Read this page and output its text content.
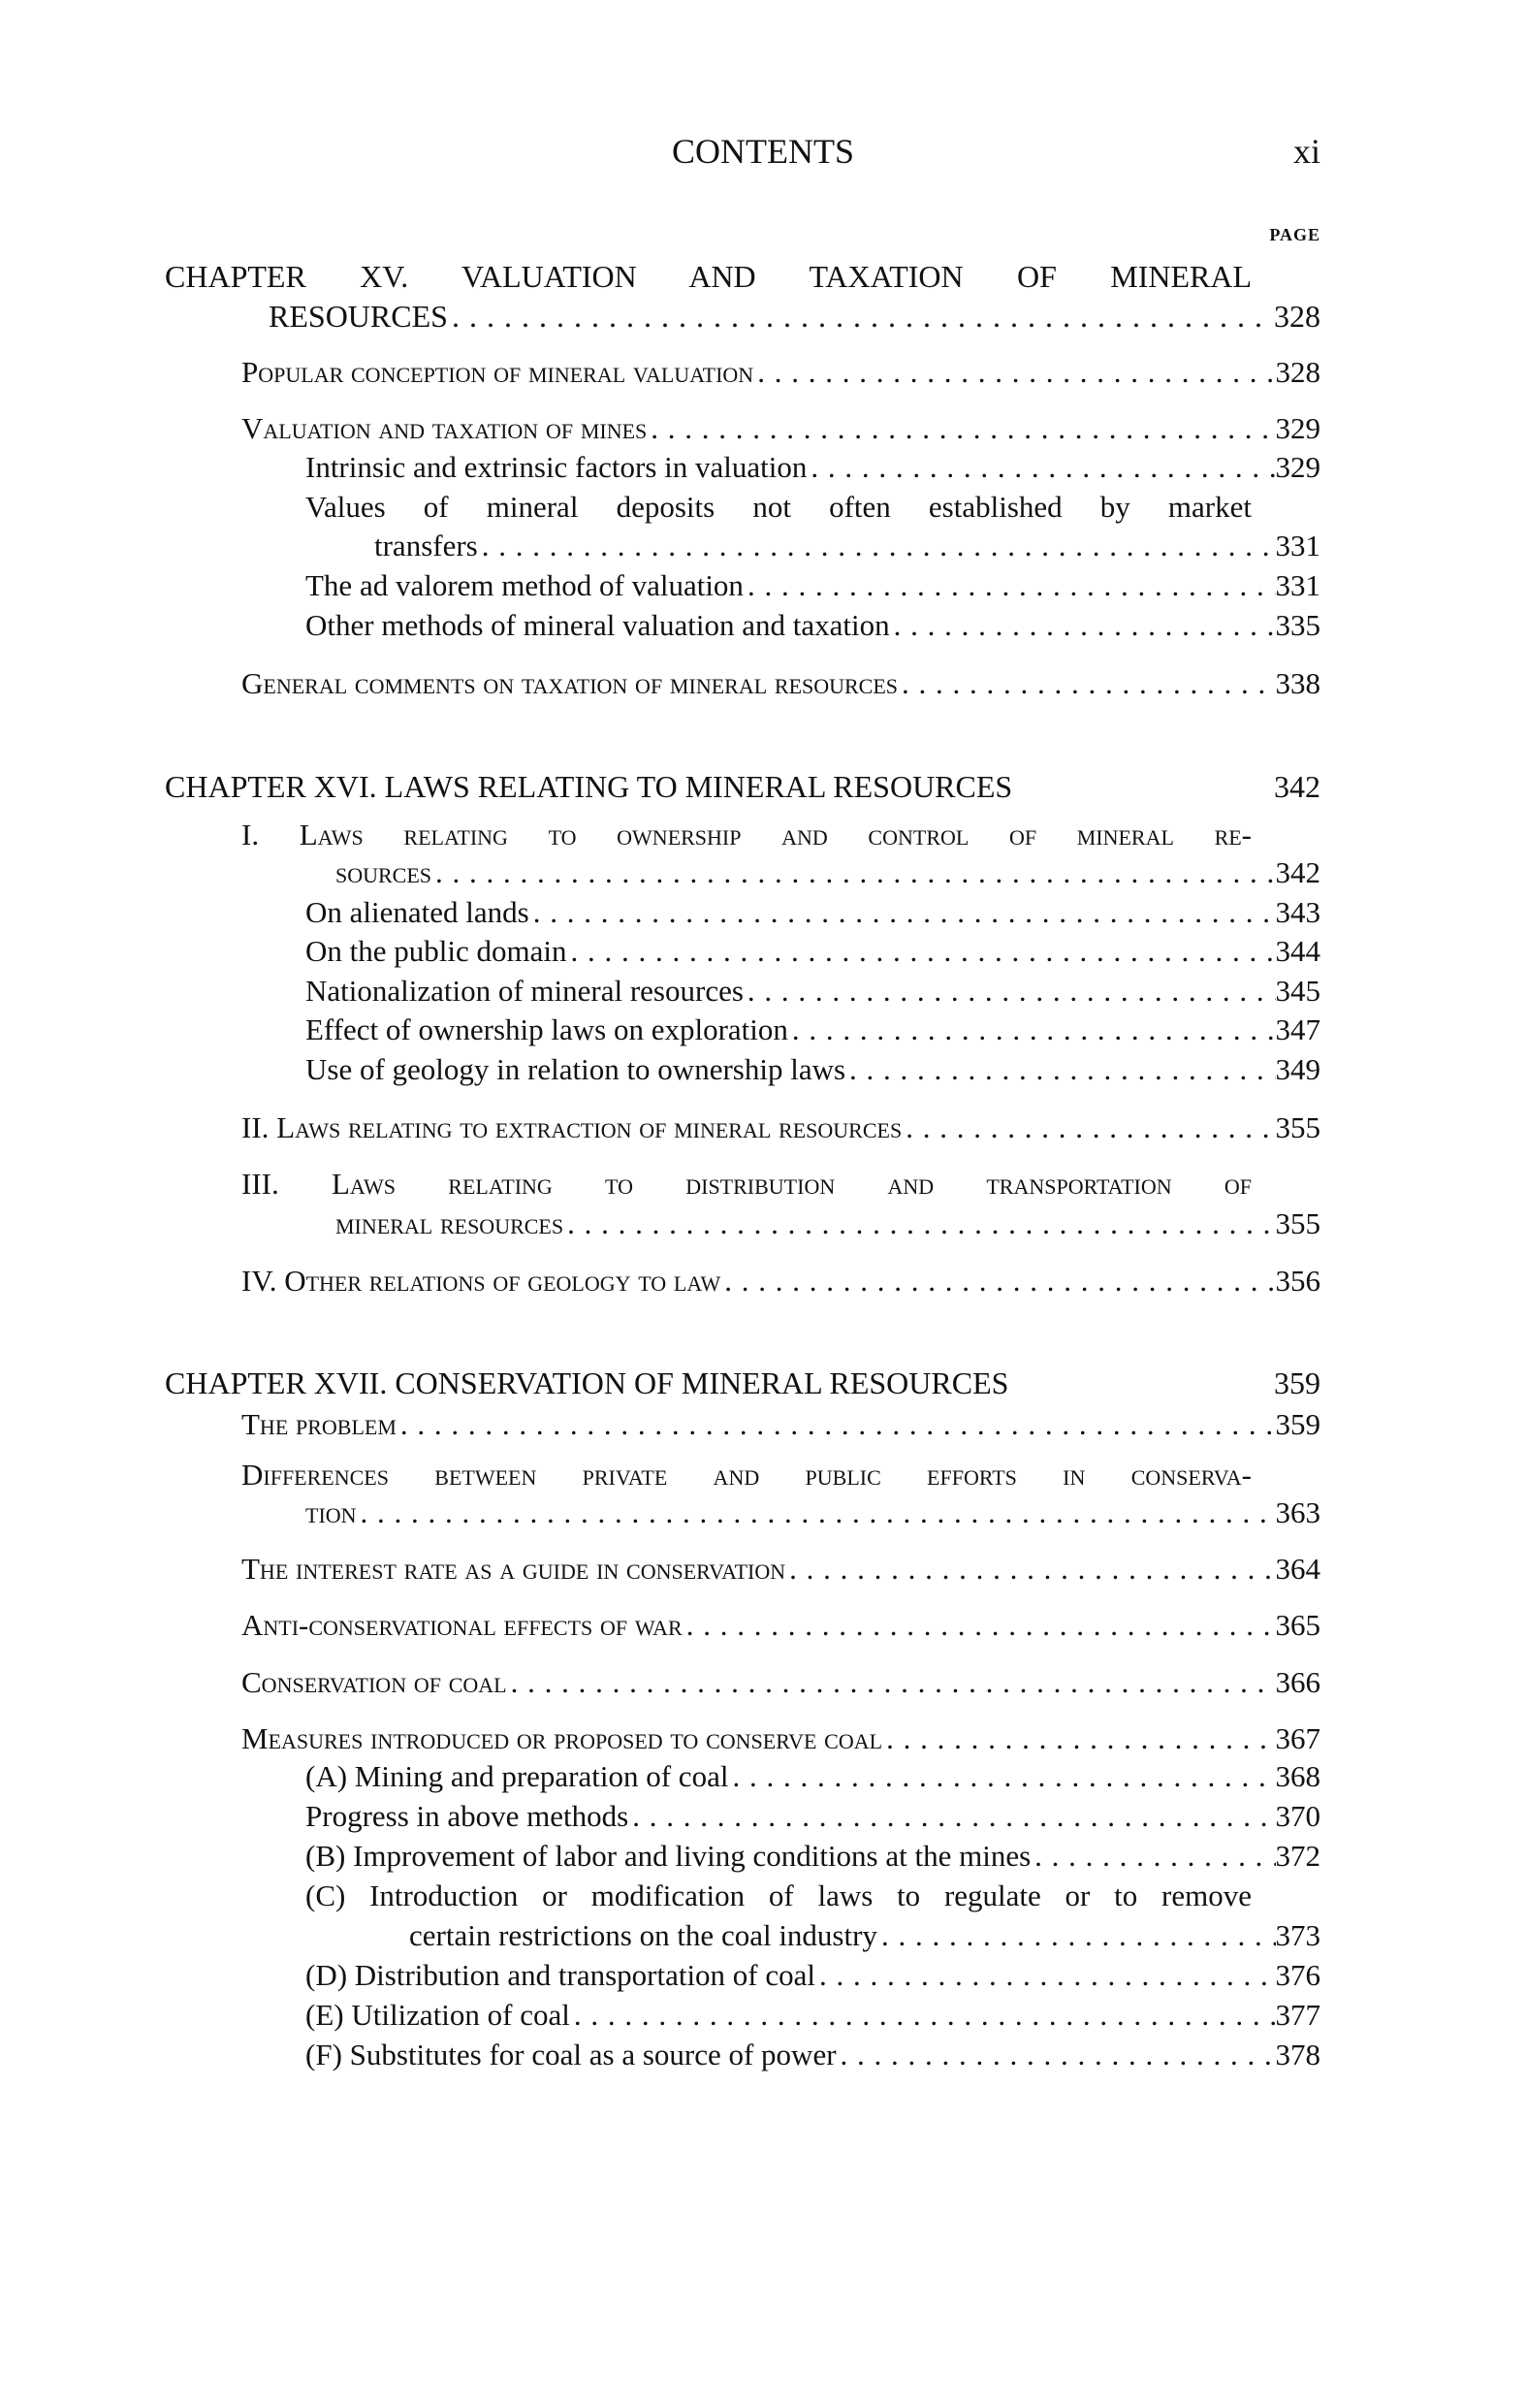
CONTENTS	xi
PAGE
CHAPTER XV. VALUATION AND TAXATION OF MINERAL
RESOURCES . . .	328
Popular conception of mineral valuation . . .	328
Valuation and taxation of mines . . .	329
Intrinsic and extrinsic factors in valuation . . .	329
Values of mineral deposits not often established by market
transfers . . .	331
The ad valorem method of valuation . . .	331
Other methods of mineral valuation and taxation . . .	335
General comments on taxation of mineral resources . . .	338
CHAPTER XVI. LAWS RELATING TO MINERAL RESOURCES	342
I. Laws relating to ownership and control of mineral re-
sources . . .	342
On alienated lands . . .	343
On the public domain . . .	344
Nationalization of mineral resources . . .	345
Effect of ownership laws on exploration . . .	347
Use of geology in relation to ownership laws . . .	349
II. Laws relating to extraction of mineral resources . . .	355
III. Laws relating to distribution and transportation of
mineral resources . . .	355
IV. Other relations of geology to law . . .	356
CHAPTER XVII. CONSERVATION OF MINERAL RESOURCES	359
The problem . . .	359
Differences between private and public efforts in conserva-
tion . . .	363
The interest rate as a guide in conservation . . .	364
Anti-conservational effects of war . . .	365
Conservation of coal . . .	366
Measures introduced or proposed to conserve coal . . .	367
(A) Mining and preparation of coal . . .	368
Progress in above methods . . .	370
(B) Improvement of labor and living conditions at the mines . . .	372
(C) Introduction or modification of laws to regulate or to remove
certain restrictions on the coal industry . . .	373
(D) Distribution and transportation of coal . . .	376
(E) Utilization of coal . . .	377
(F) Substitutes for coal as a source of power . . .	378
